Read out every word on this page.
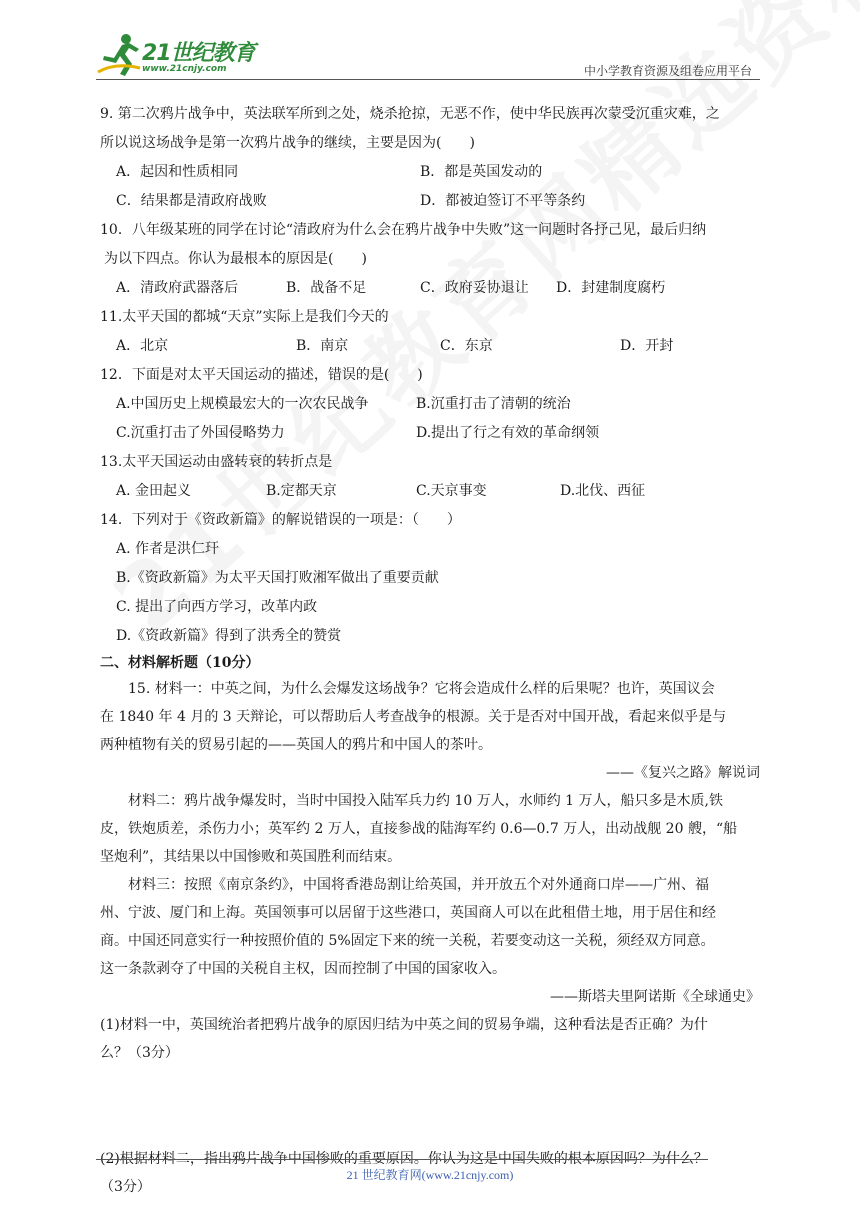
21世纪教育
www.21cnjy.com	中小学教育资源及组卷应用平台
9. 第二次鸦片战争中，英法联军所到之处，烧杀抢掠，无恶不作，使中华民族再次蒙受沉重灾难，之
所以说这场战争是第一次鸦片战争的继续，主要是因为(　　)
A．起因和性质相同	B．都是英国发动的
C．结果都是清政府战败	D．都被迫签订不平等条约
10．八年级某班的同学在讨论“清政府为什么会在鸦片战争中失败”这一问题时各抒己见，最后归纳
为以下四点。你认为最根本的原因是(　　)
A．清政府武器落后	B．战备不足	C．政府妥协退让	D．封建制度腐朽
11.太平天国的都城“天京”实际上是我们今天的
A．北京	B．南京	C．东京	D．开封
12．下面是对太平天国运动的描述，错误的是(　　)
A.中国历史上规模最宏大的一次农民战争	B.沉重打击了清朝的统治
C.沉重打击了外国侵略势力	D.提出了行之有效的革命纲领
13.太平天国运动由盛转衰的转折点是
A. 金田起义	B.定都天京	C.天京事变	D.北伐、西征
14．下列对于《资政新篇》的解说错误的一项是：（　　）
A. 作者是洪仁玕
B.《资政新篇》为太平天国打败湘军做出了重要贡献
C. 提出了向西方学习，改革内政
D.《资政新篇》得到了洪秀全的赞赏
二、材料解析题（10分）
15. 材料一：中英之间，为什么会爆发这场战争？它将会造成什么样的后果呢？也许，英国议会
在 1840 年 4 月的 3 天辩论，可以帮助后人考查战争的根源。关于是否对中国开战，看起来似乎是与
两种植物有关的贸易引起的——英国人的鸦片和中国人的茶叶。
——《复兴之路》解说词
材料二：鸦片战争爆发时，当时中国投入陆军兵力约 10 万人，水师约 1 万人，船只多是木质,铁
皮，铁炮质差，杀伤力小；英军约 2 万人，直接参战的陆海军约 0.6—0.7 万人，出动战舰 20 艘，“船
坚炮利”，其结果以中国惨败和英国胜利而结束。
材料三：按照《南京条约》，中国将香港岛割让给英国，并开放五个对外通商口岸——广州、福
州、宁波、厦门和上海。英国领事可以居留于这些港口，英国商人可以在此租借土地，用于居住和经
商。中国还同意实行一种按照价值的 5%固定下来的统一关税，若要变动这一关税，须经双方同意。
这一条款剥夺了中国的关税自主权，因而控制了中国的国家收入。
——斯塔夫里阿诺斯《全球通史》
(1)材料一中，英国统治者把鸦片战争的原因归结为中英之间的贸易争端，这种看法是否正确？为什
么？（3分）
(2)根据材料二，指出鸦片战争中国惨败的重要原因。你认为这是中国失败的根本原因吗？为什么？
（3分）
21 世纪教育网(www.21cnjy.com)
